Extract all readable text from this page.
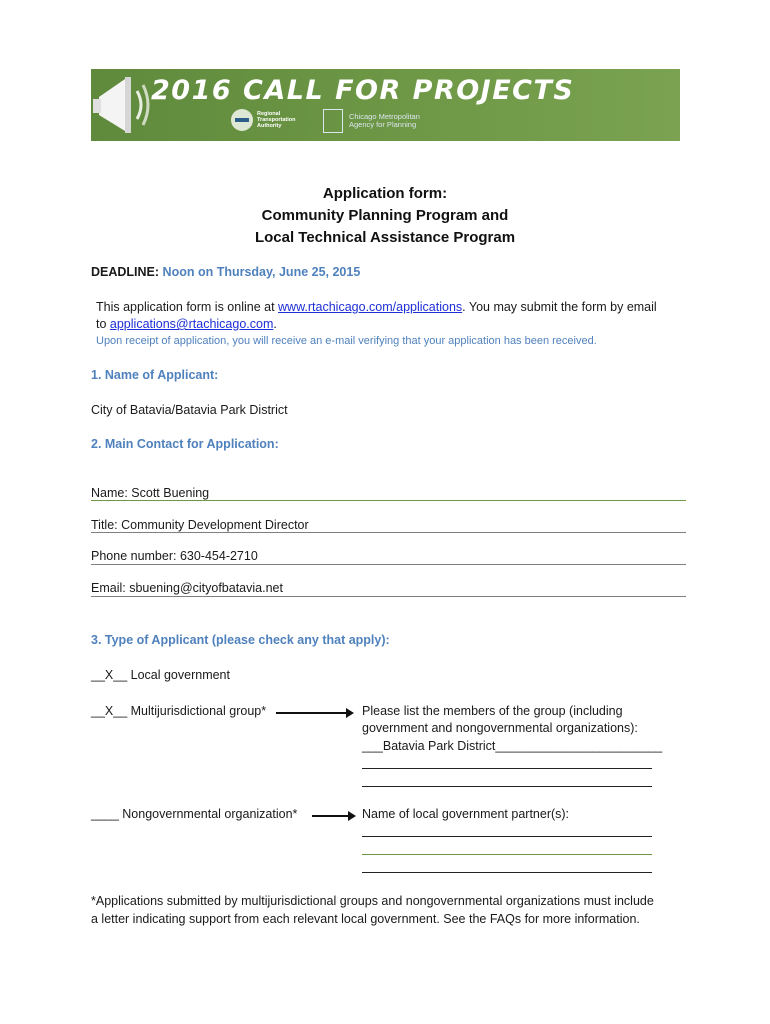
2016 CALL FOR PROJECTS
Regional
Transportation
Authority
Chicago Metropolitan
Agency for Planning
Application form:
Community Planning Program and
Local Technical Assistance Program
DEADLINE: Noon on Thursday, June 25, 2015
This application form is online at www.rtachicago.com/applications. You may submit the form by email
to applications@rtachicago.com.
Upon receipt of application, you will receive an e-mail verifying that your application has been received.
1. Name of Applicant:
City of Batavia/Batavia Park District
2. Main Contact for Application:
Name: Scott Buening
Title: Community Development Director
Phone number: 630-454-2710
Email: sbuening@cityofbatavia.net
3. Type of Applicant (please check any that apply):
__X__ Local government
__X__ Multijurisdictional group*	Please list the members of the group (including
government and nongovernmental organizations):
___Batavia Park District________________________
____ Nongovernmental organization*	Name of local government partner(s):
*Applications submitted by multijurisdictional groups and nongovernmental organizations must include
a letter indicating support from each relevant local government. See the FAQs for more information.
